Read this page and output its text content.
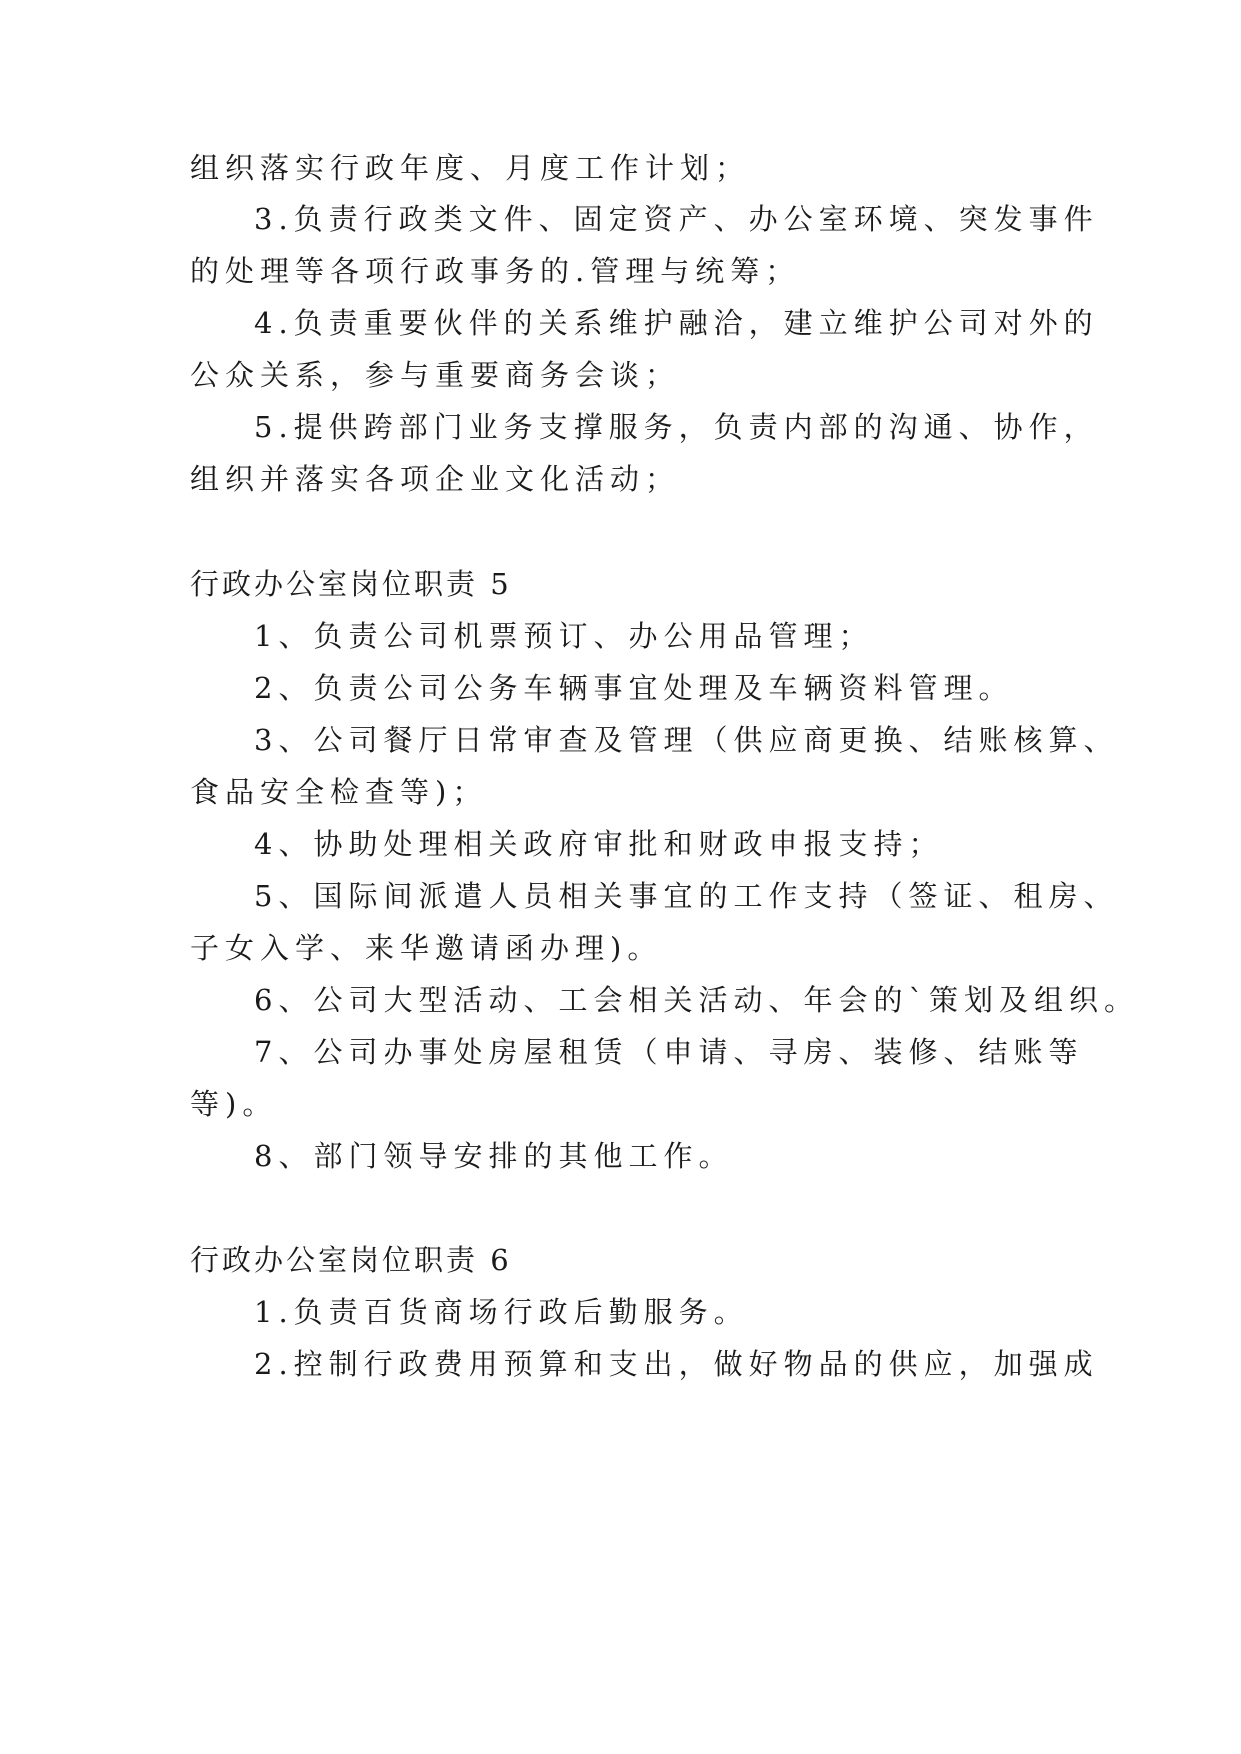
组织落实行政年度、月度工作计划；
3.负责行政类文件、固定资产、办公室环境、突发事件
的处理等各项行政事务的.管理与统筹；
4.负责重要伙伴的关系维护融洽，建立维护公司对外的
公众关系，参与重要商务会谈；
5.提供跨部门业务支撑服务，负责内部的沟通、协作，
组织并落实各项企业文化活动；
行政办公室岗位职责 5
1、负责公司机票预订、办公用品管理；
2、负责公司公务车辆事宜处理及车辆资料管理。
3、公司餐厅日常审查及管理（供应商更换、结账核算、
食品安全检查等)；
4、协助处理相关政府审批和财政申报支持；
5、国际间派遣人员相关事宜的工作支持（签证、租房、
子女入学、来华邀请函办理)。
6、公司大型活动、工会相关活动、年会的`策划及组织。
7、公司办事处房屋租赁（申请、寻房、装修、结账等
等)。
8、部门领导安排的其他工作。
行政办公室岗位职责 6
1.负责百货商场行政后勤服务。
2.控制行政费用预算和支出，做好物品的供应，加强成
